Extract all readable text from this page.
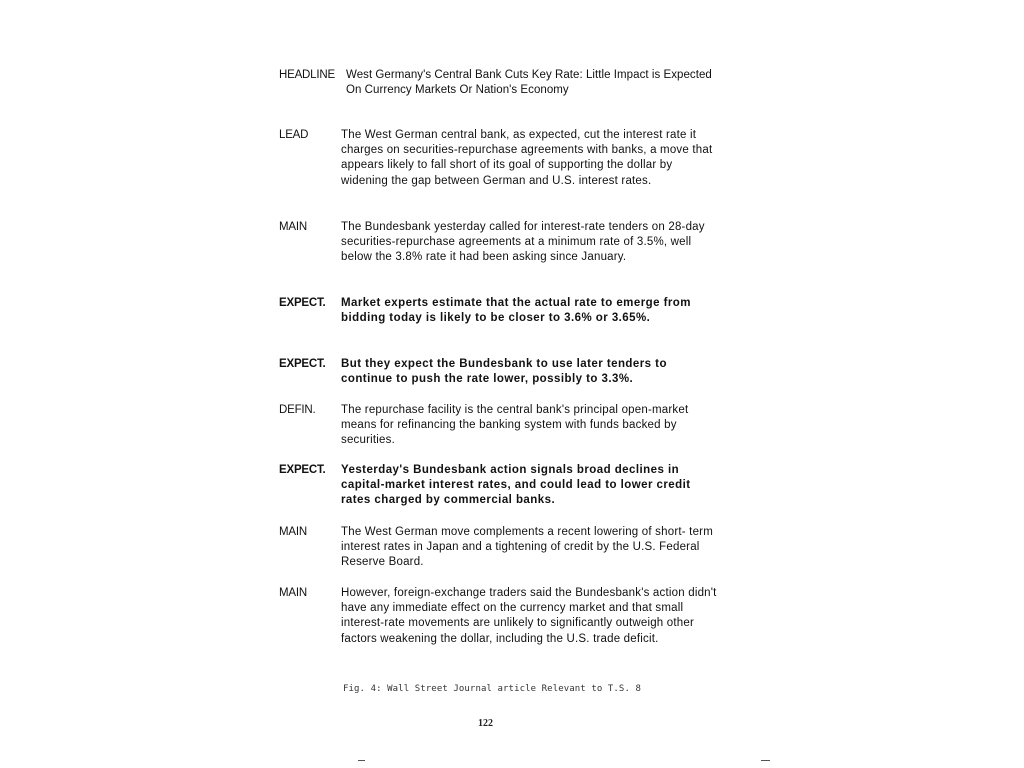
HEADLINE West Germany's Central Bank Cuts Key Rate: Little Impact is Expected On Currency Markets Or Nation's Economy
LEAD	The West German central bank, as expected, cut the interest rate it charges on securities-repurchase agreements with banks, a move that appears likely to fall short of its goal of supporting the dollar by widening the gap between German and U.S. interest rates.
MAIN	The Bundesbank yesterday called for interest-rate tenders on 28-day securities-repurchase agreements at a minimum rate of 3.5%, well below the 3.8% rate it had been asking since January.
EXPECT. Market experts estimate that the actual rate to emerge from bidding today is likely to be closer to 3.6% or 3.65%.
EXPECT. But they expect the Bundesbank to use later tenders to continue to push the rate lower, possibly to 3.3%.
DEFIN. The repurchase facility is the central bank's principal open-market means for refinancing the banking system with funds backed by securities.
EXPECT. Yesterday's Bundesbank action signals broad declines in capital-market interest rates, and could lead to lower credit rates charged by commercial banks.
MAIN	The West German move complements a recent lowering of short- term interest rates in Japan and a tightening of credit by the U.S. Federal Reserve Board.
MAIN	However, foreign-exchange traders said the Bundesbank's action didn't have any immediate effect on the currency market and that small interest-rate movements are unlikely to significantly outweigh other factors weakening the dollar, including the U.S. trade deficit.
Fig. 4: Wall Street Journal article Relevant to T.S. 8
122
